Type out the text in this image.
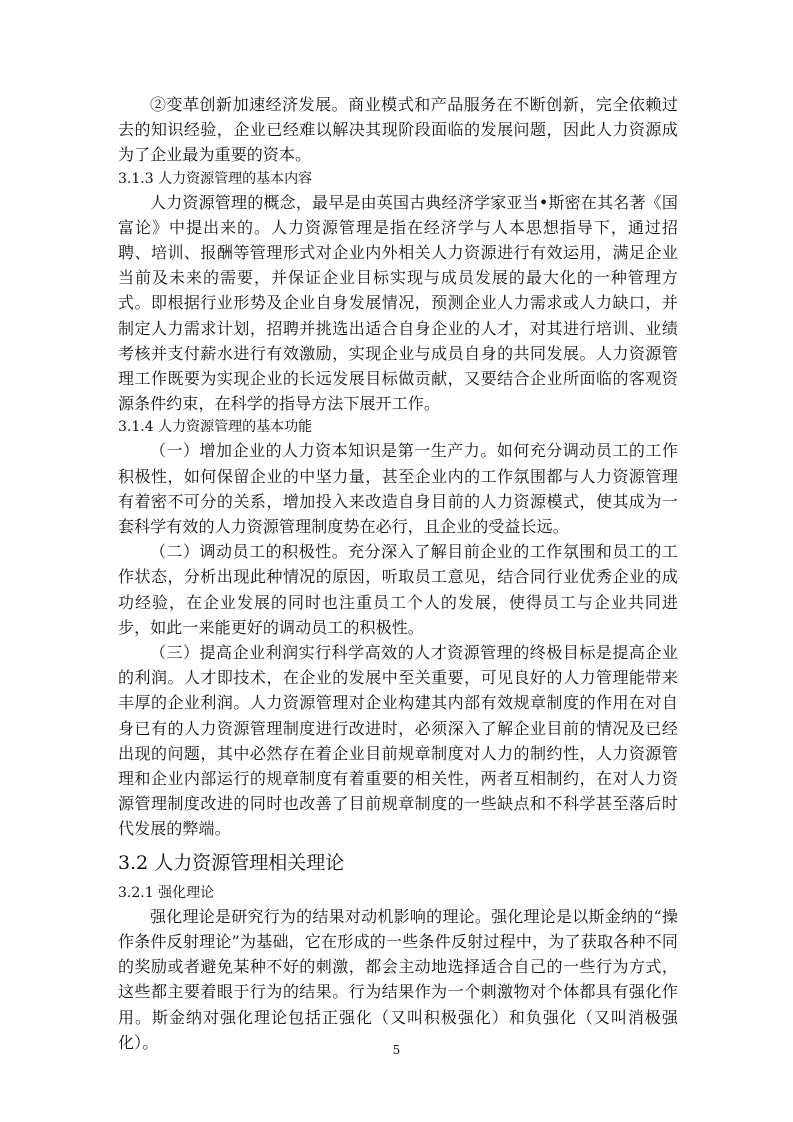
②变革创新加速经济发展。商业模式和产品服务在不断创新，完全依赖过去的知识经验，企业已经难以解决其现阶段面临的发展问题，因此人力资源成为了企业最为重要的资本。

3.1.3 人力资源管理的基本内容

人力资源管理的概念，最早是由英国古典经济学家亚当•斯密在其名著《国富论》中提出来的。人力资源管理是指在经济学与人本思想指导下，通过招聘、培训、报酬等管理形式对企业内外相关人力资源进行有效运用，满足企业当前及未来的需要，并保证企业目标实现与成员发展的最大化的一种管理方式。即根据行业形势及企业自身发展情况，预测企业人力需求或人力缺口，并制定人力需求计划，招聘并挑选出适合自身企业的人才，对其进行培训、业绩考核并支付薪水进行有效激励，实现企业与成员自身的共同发展。人力资源管理工作既要为实现企业的长远发展目标做贡献，又要结合企业所面临的客观资源条件约束，在科学的指导方法下展开工作。

3.1.4 人力资源管理的基本功能

（一）增加企业的人力资本知识是第一生产力。如何充分调动员工的工作积极性，如何保留企业的中坚力量，甚至企业内的工作氛围都与人力资源管理有着密不可分的关系，增加投入来改造自身目前的人力资源模式，使其成为一套科学有效的人力资源管理制度势在必行，且企业的受益长远。

（二）调动员工的积极性。充分深入了解目前企业的工作氛围和员工的工作状态，分析出现此种情况的原因，听取员工意见，结合同行业优秀企业的成功经验，在企业发展的同时也注重员工个人的发展，使得员工与企业共同进步，如此一来能更好的调动员工的积极性。

（三）提高企业利润实行科学高效的人才资源管理的终极目标是提高企业的利润。人才即技术，在企业的发展中至关重要，可见良好的人力管理能带来丰厚的企业利润。人力资源管理对企业构建其内部有效规章制度的作用在对自身已有的人力资源管理制度进行改进时，必须深入了解企业目前的情况及已经出现的问题，其中必然存在着企业目前规章制度对人力的制约性，人力资源管理和企业内部运行的规章制度有着重要的相关性，两者互相制约，在对人力资源管理制度改进的同时也改善了目前规章制度的一些缺点和不科学甚至落后时代发展的弊端。

3.2 人力资源管理相关理论
3.2.1 强化理论

强化理论是研究行为的结果对动机影响的理论。强化理论是以斯金纳的“操作条件反射理论”为基础，它在形成的一些条件反射过程中，为了获取各种不同的奖励或者避免某种不好的刺激，都会主动地选择适合自己的一些行为方式，这些都主要着眼于行为的结果。行为结果作为一个刺激物对个体都具有强化作用。斯金纳对强化理论包括正强化（又叫积极强化）和负强化（又叫消极强化）。	5
